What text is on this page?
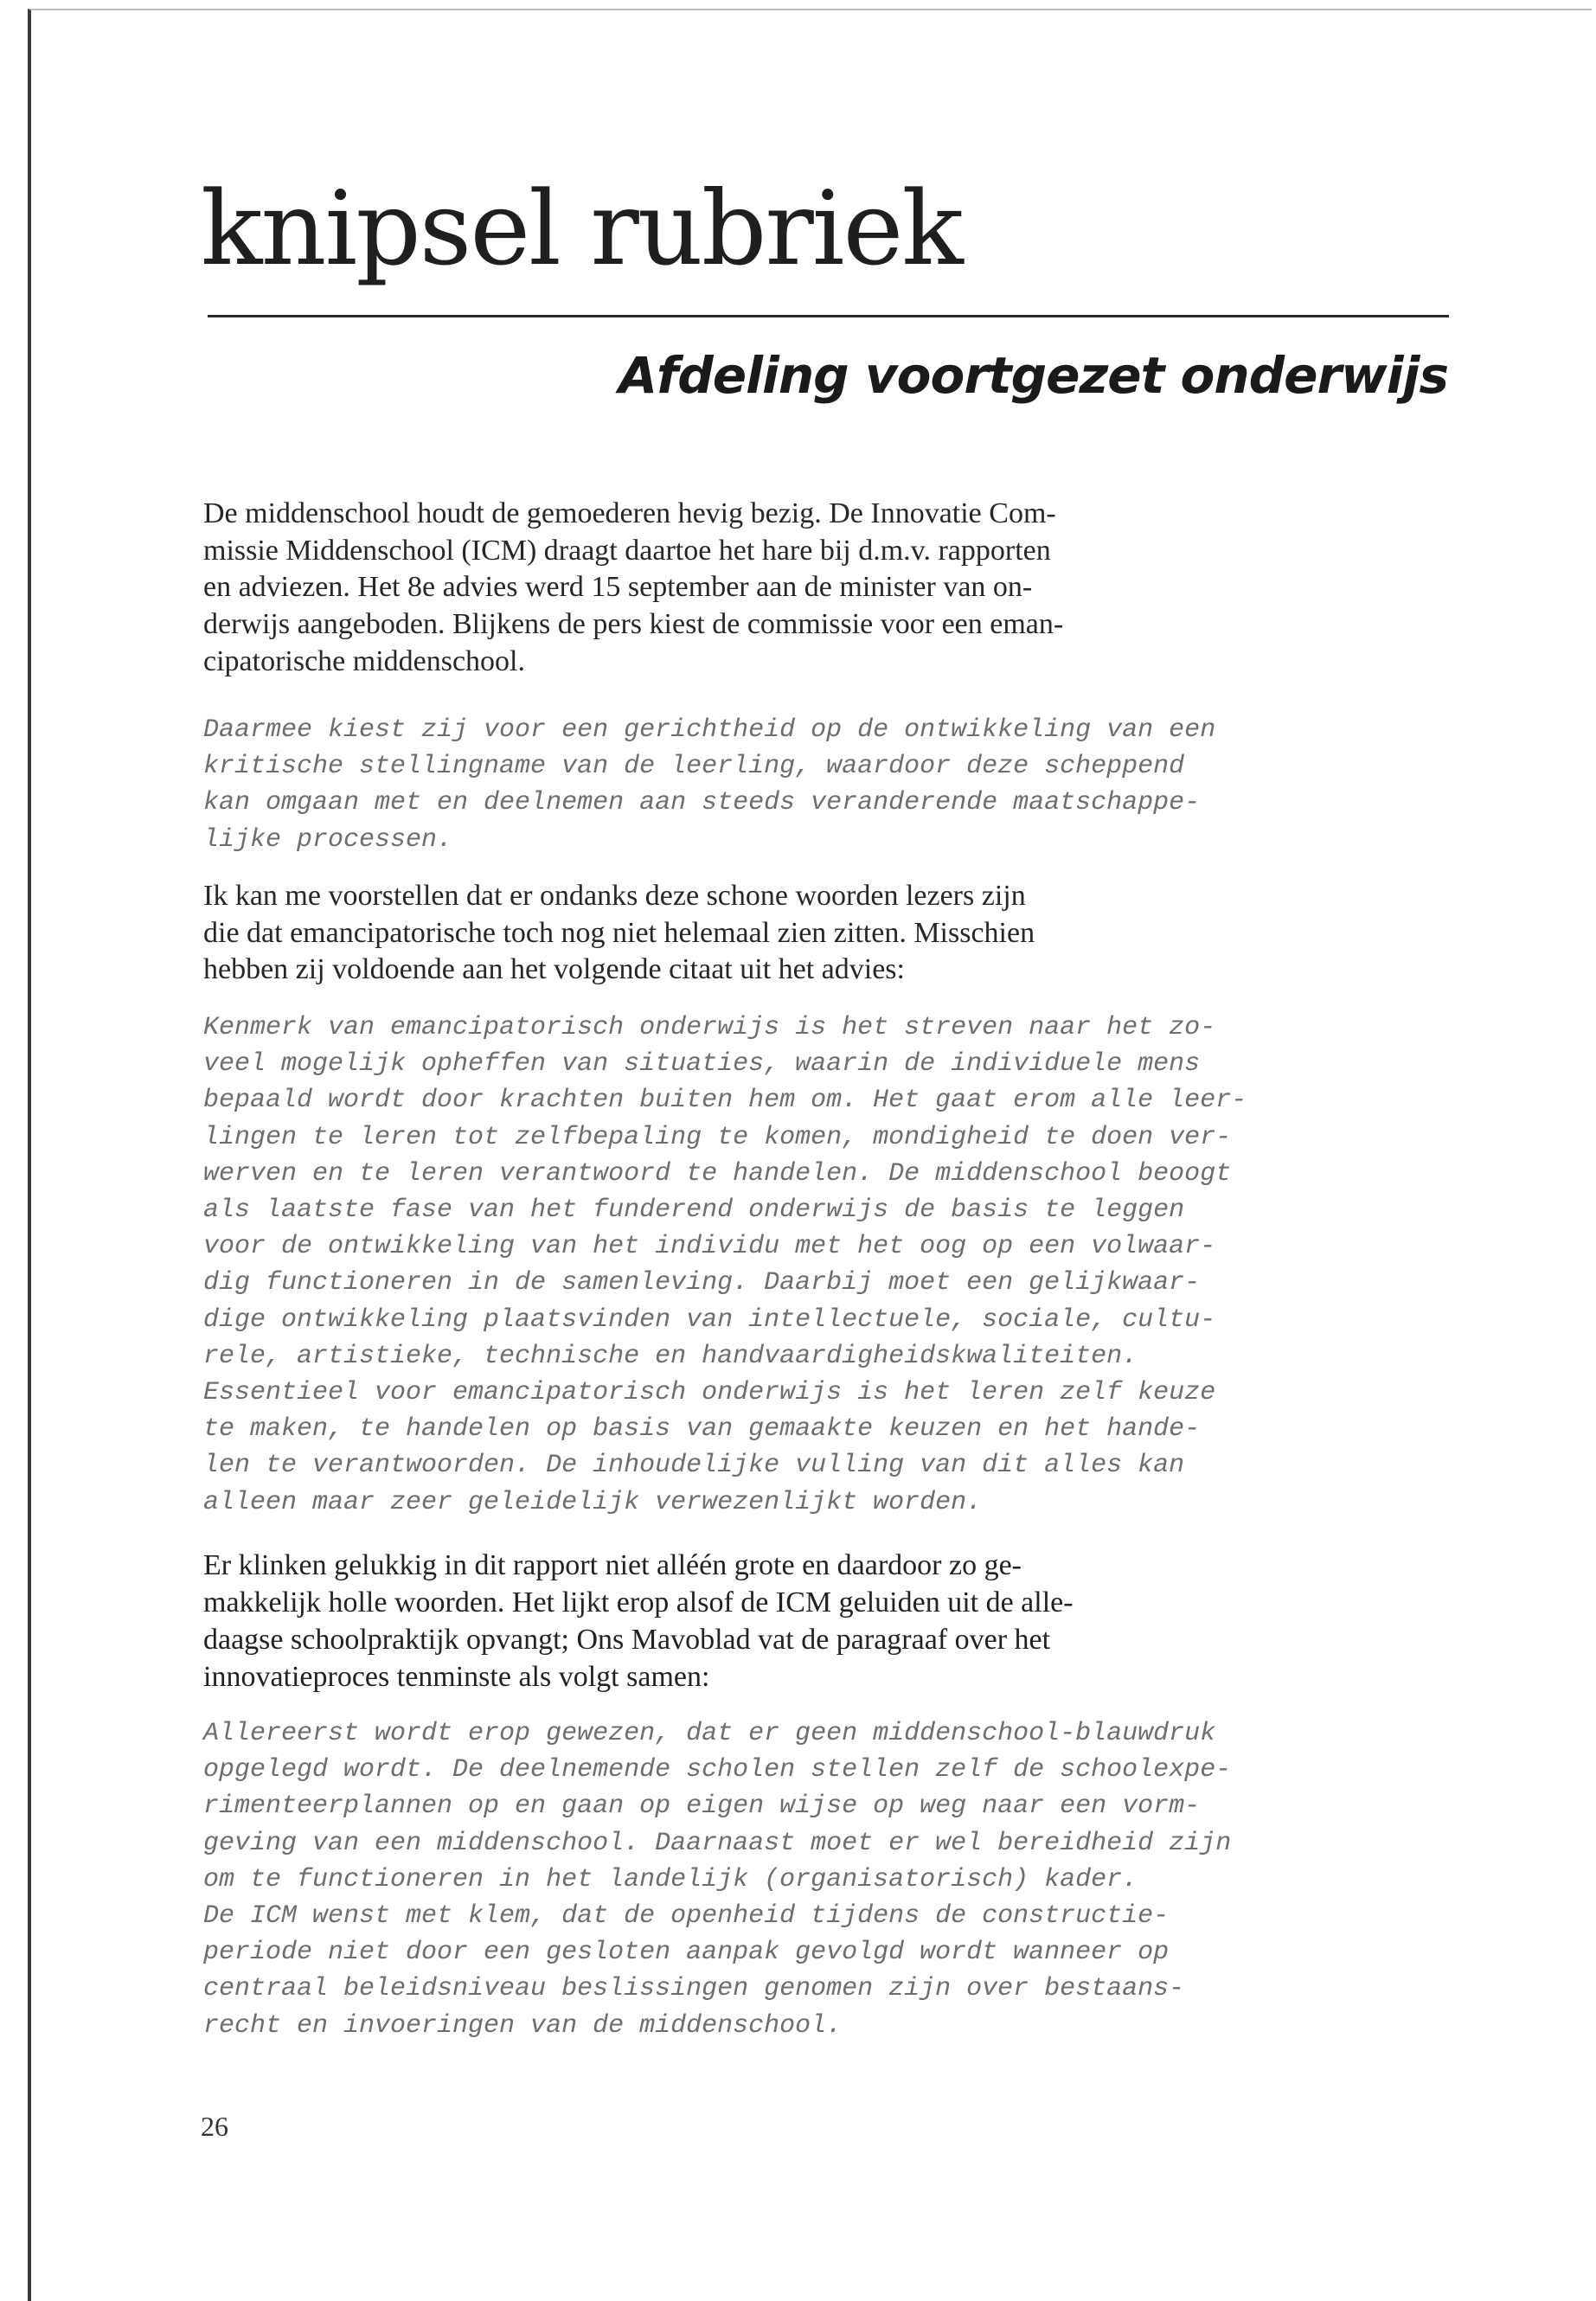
knipsel rubriek
Afdeling voortgezet onderwijs

De middenschool houdt de gemoederen hevig bezig. De Innovatie Com-
missie Middenschool (ICM) draagt daartoe het hare bij d.m.v. rapporten
en adviezen. Het 8e advies werd 15 september aan de minister van on-
derwijs aangeboden. Blijkens de pers kiest de commissie voor een eman-
cipatorische middenschool.

Daarmee kiest zij voor een gerichtheid op de ontwikkeling van een
kritische stellingname van de leerling, waardoor deze scheppend
kan omgaan met en deelnemen aan steeds veranderende maatschappe-
lijke processen.

Ik kan me voorstellen dat er ondanks deze schone woorden lezers zijn
die dat emancipatorische toch nog niet helemaal zien zitten. Misschien
hebben zij voldoende aan het volgende citaat uit het advies:

Kenmerk van emancipatorisch onderwijs is het streven naar het zo-
veel mogelijk opheffen van situaties, waarin de individuele mens
bepaald wordt door krachten buiten hem om. Het gaat erom alle leer-
lingen te leren tot zelfbepaling te komen, mondigheid te doen ver-
werven en te leren verantwoord te handelen. De middenschool beoogt
als laatste fase van het funderend onderwijs de basis te leggen
voor de ontwikkeling van het individu met het oog op een volwaar-
dig functioneren in de samenleving. Daarbij moet een gelijkwaar-
dige ontwikkeling plaatsvinden van intellectuele, sociale, cultu-
rele, artistieke, technische en handvaardigheidskwaliteiten.
Essentieel voor emancipatorisch onderwijs is het leren zelf keuze
te maken, te handelen op basis van gemaakte keuzen en het hande-
len te verantwoorden. De inhoudelijke vulling van dit alles kan
alleen maar zeer geleidelijk verwezenlijkt worden.

Er klinken gelukkig in dit rapport niet alléén grote en daardoor zo ge-
makkelijk holle woorden. Het lijkt erop alsof de ICM geluiden uit de alle-
daagse schoolpraktijk opvangt; Ons Mavoblad vat de paragraaf over het
innovatieproces tenminste als volgt samen:

Allereerst wordt erop gewezen, dat er geen middenschool-blauwdruk
opgelegd wordt. De deelnemende scholen stellen zelf de schoolexpe-
rimenteerplannen op en gaan op eigen wijse op weg naar een vorm-
geving van een middenschool. Daarnaast moet er wel bereidheid zijn
om te functioneren in het landelijk (organisatorisch) kader.
De ICM wenst met klem, dat de openheid tijdens de constructie-
periode niet door een gesloten aanpak gevolgd wordt wanneer op
centraal beleidsniveau beslissingen genomen zijn over bestaans-
recht en invoeringen van de middenschool.

26
